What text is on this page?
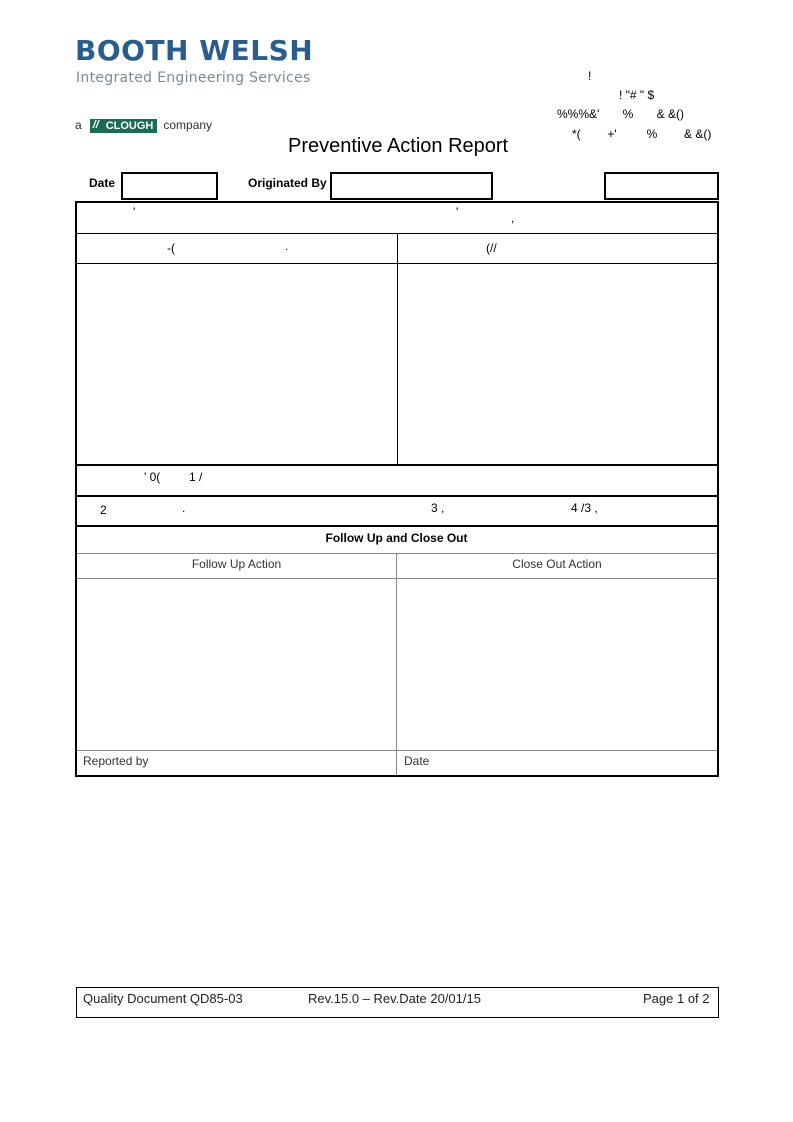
BOOTH WELSH
Integrated Engineering Services
a// CLOUGH company
!
! "# " $
%%%&'       %       & &()
*(        +'         %        & &()
Preventive Action Report
Date	Originated By
'	'	,
-(	.	(//
' 0( 1 /
2	.	3 ,	4 /3 ,
Follow Up and Close Out
Follow Up Action	Close Out Action
Reported by	Date
Quality Document QD85-03	Rev.15.0 – Rev.Date 20/01/15	Page 1 of 2
